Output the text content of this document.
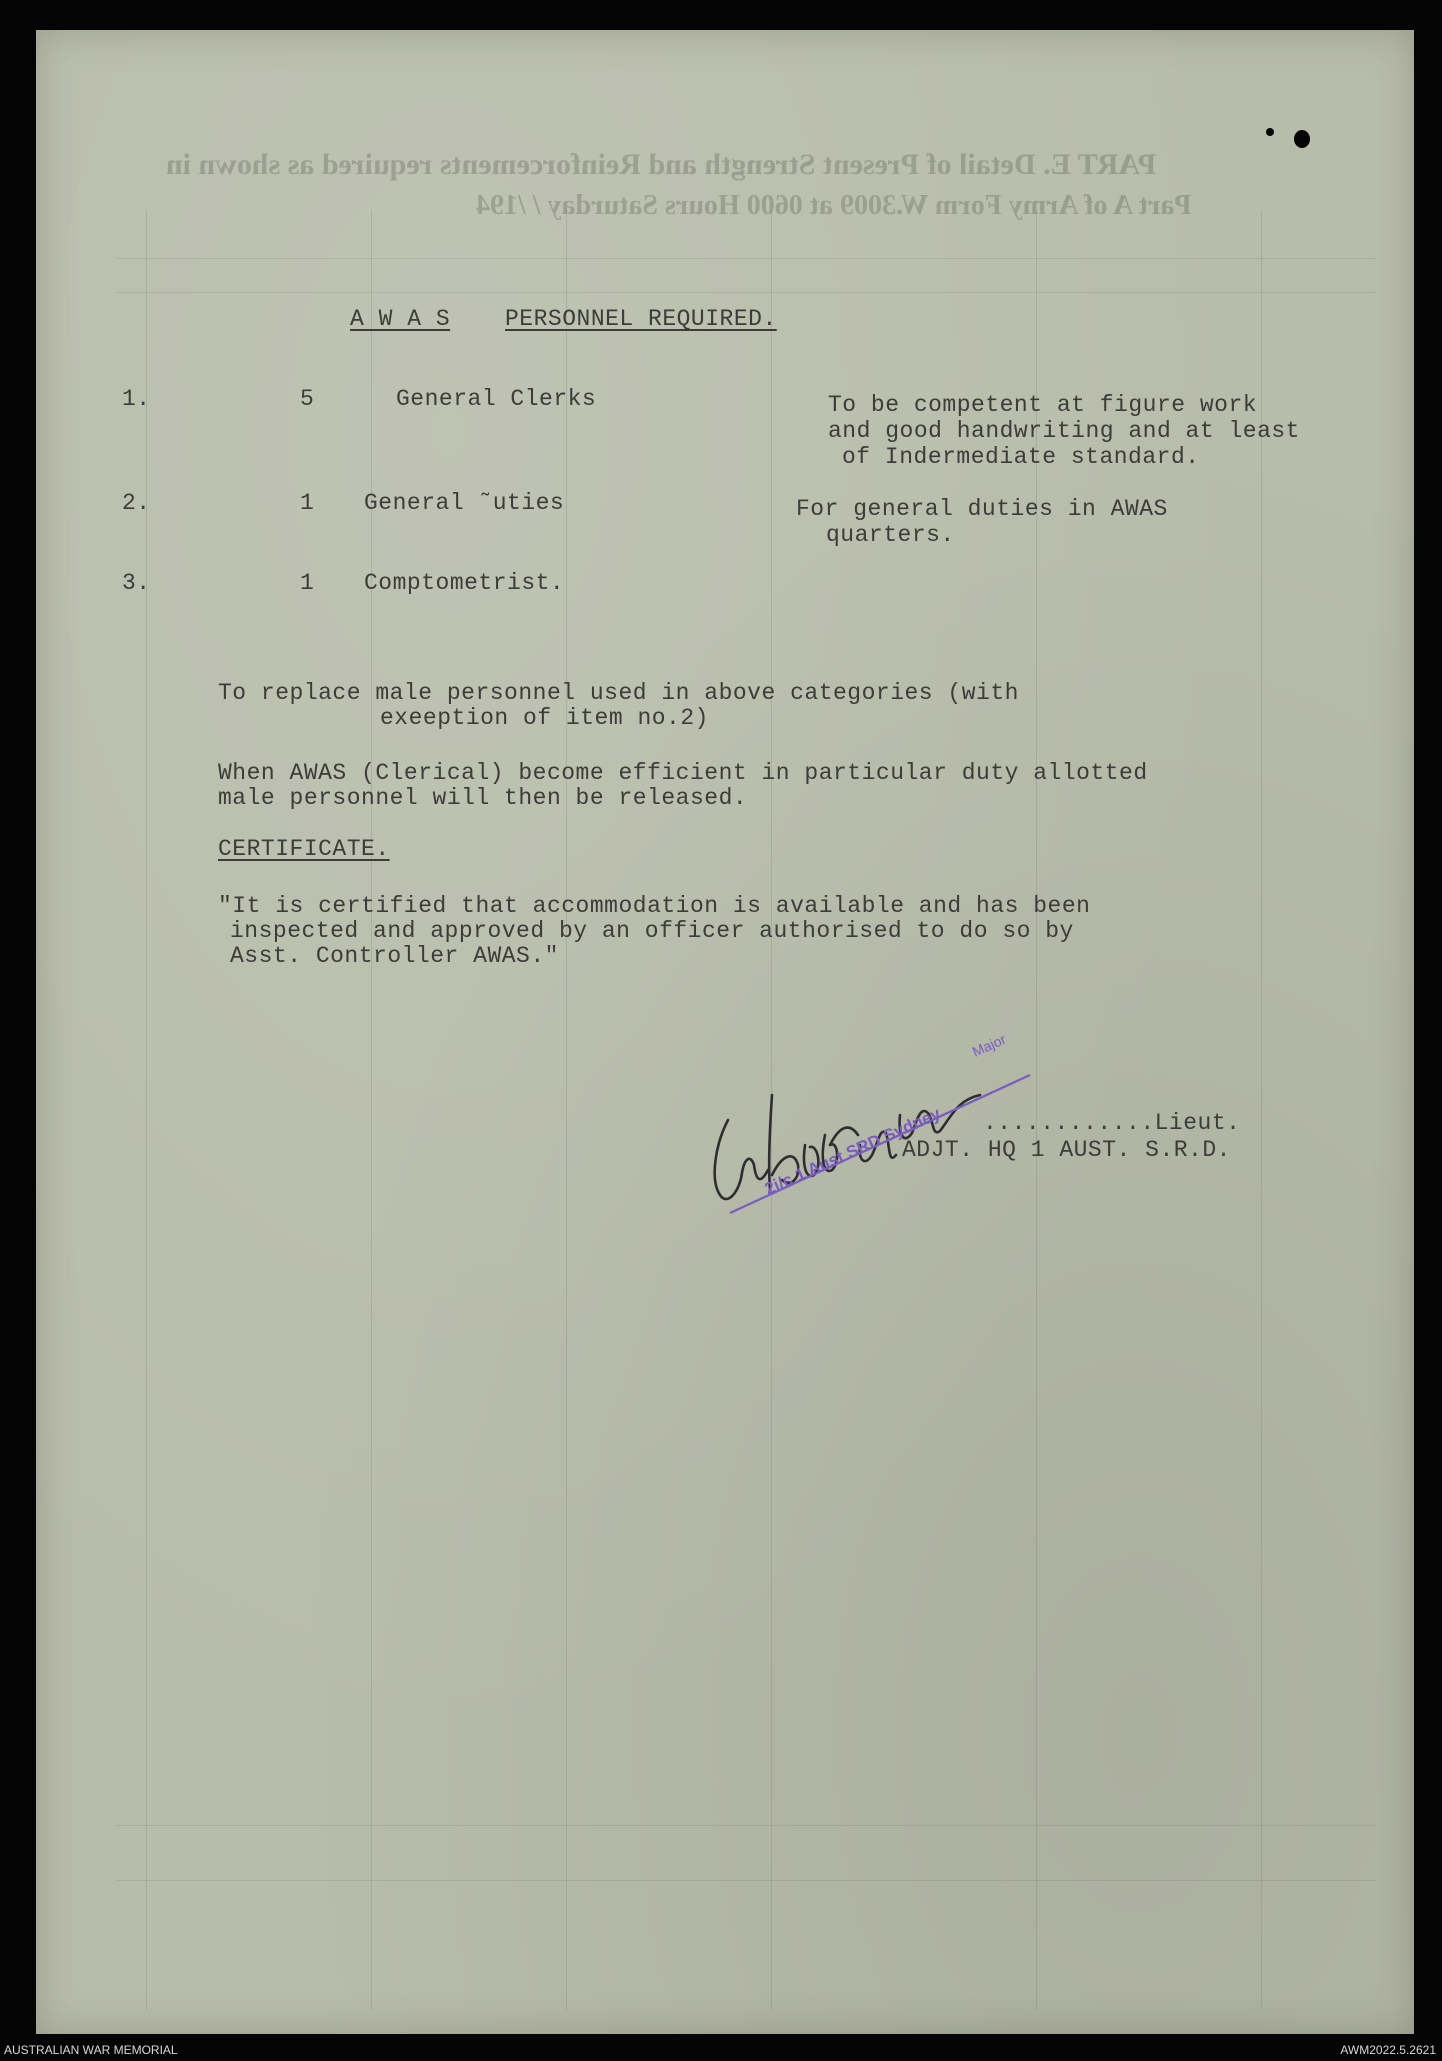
PART E. Detail of Present Strength and Reinforcements required as shown in
Part A of Army Form W.3009 at 0600 Hours Saturday / /194

A W A S PERSONNEL REQUIRED.

1.	5	General Clerks	To be competent at figure work

and good handwriting and at least

of Indermediate standard.

2.	1 General ˜uties	For general duties in AWAS

quarters.

3.	1 Comptometrist.

To replace male personnel used in above categories (with

exeeption of item no.2)

When AWAS (Clerical) become efficient in particular duty allotted

male personnel will then be released.

CERTIFICATE.

"It is certified that accommodation is available and has been

inspected and approved by an officer authorised to do so by

Asst. Controller AWAS."

............Lieut.

ADJT. HQ 1 AUST. S.R.D.

2i/c 1 Aust SRD Sydney
Major
AUSTRALIAN WAR MEMORIAL	AWM2022.5.2621
